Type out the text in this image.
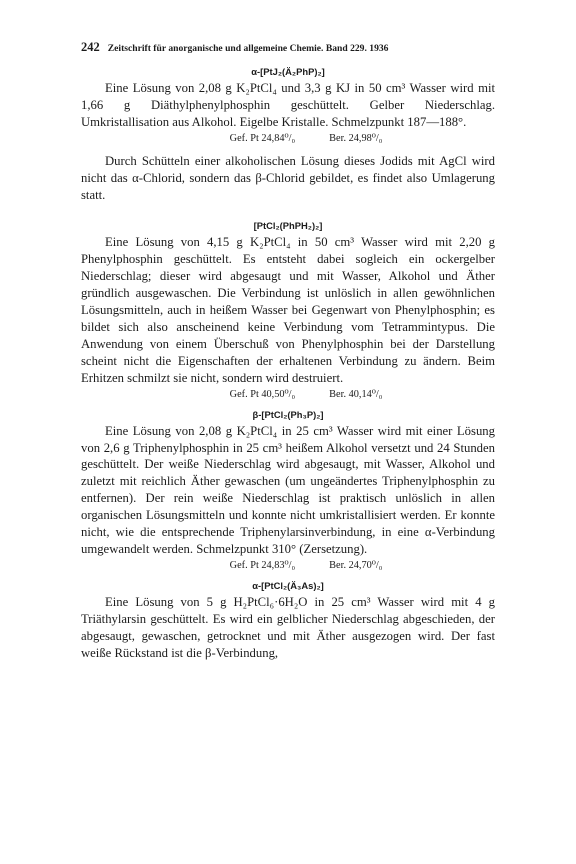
242 Zeitschrift für anorganische und allgemeine Chemie. Band 229. 1936
α-[PtJ₂(Ä₂PhP)₂]

Eine Lösung von 2,08 g K₂PtCl₄ und 3,3 g KJ in 50 cm³ Wasser wird mit 1,66 g Diäthylphenylphosphin geschüttelt. Gelber Niederschlag. Umkristallisation aus Alkohol. Eigelbe Kristalle. Schmelzpunkt 187—188°.

Gef. Pt 24,84⁰/₀	Ber. 24,98⁰/₀

Durch Schütteln einer alkoholischen Lösung dieses Jodids mit AgCl wird nicht das α-Chlorid, sondern das β-Chlorid gebildet, es findet also Umlagerung statt.

[PtCl₂(PhPH₂)₂]

Eine Lösung von 4,15 g K₂PtCl₄ in 50 cm³ Wasser wird mit 2,20 g Phenylphosphin geschüttelt. Es entsteht dabei sogleich ein ockergelber Niederschlag; dieser wird abgesaugt und mit Wasser, Alkohol und Äther gründlich ausgewaschen. Die Verbindung ist unlöslich in allen gewöhnlichen Lösungsmitteln, auch in heißem Wasser bei Gegenwart von Phenylphosphin; es bildet sich also anscheinend keine Verbindung vom Tetrammintypus. Die Anwendung von einem Überschuß von Phenylphosphin bei der Darstellung scheint nicht die Eigenschaften der erhaltenen Verbindung zu ändern. Beim Erhitzen schmilzt sie nicht, sondern wird destruiert.

Gef. Pt 40,50⁰/₀	Ber. 40,14⁰/₀
β-[PtCl₂(Ph₃P)₂]

Eine Lösung von 2,08 g K₂PtCl₄ in 25 cm³ Wasser wird mit einer Lösung von 2,6 g Triphenylphosphin in 25 cm³ heißem Alkohol versetzt und 24 Stunden geschüttelt. Der weiße Niederschlag wird abgesaugt, mit Wasser, Alkohol und zuletzt mit reichlich Äther gewaschen (um ungeändertes Triphenylphosphin zu entfernen). Der rein weiße Niederschlag ist praktisch unlöslich in allen organischen Lösungsmitteln und konnte nicht umkristallisiert werden. Er konnte nicht, wie die entsprechende Triphenylarsinverbindung, in eine α-Verbindung umgewandelt werden. Schmelzpunkt 310° (Zersetzung).

Gef. Pt 24,83⁰/₀	Ber. 24,70⁰/₀
α-[PtCl₂(Ä₃As)₂]

Eine Lösung von 5 g H₂PtCl₆·6H₂O in 25 cm³ Wasser wird mit 4 g Triäthylarsin geschüttelt. Es wird ein gelblicher Niederschlag abgeschieden, der abgesaugt, gewaschen, getrocknet und mit Äther ausgezogen wird. Der fast weiße Rückstand ist die β-Verbindung,
